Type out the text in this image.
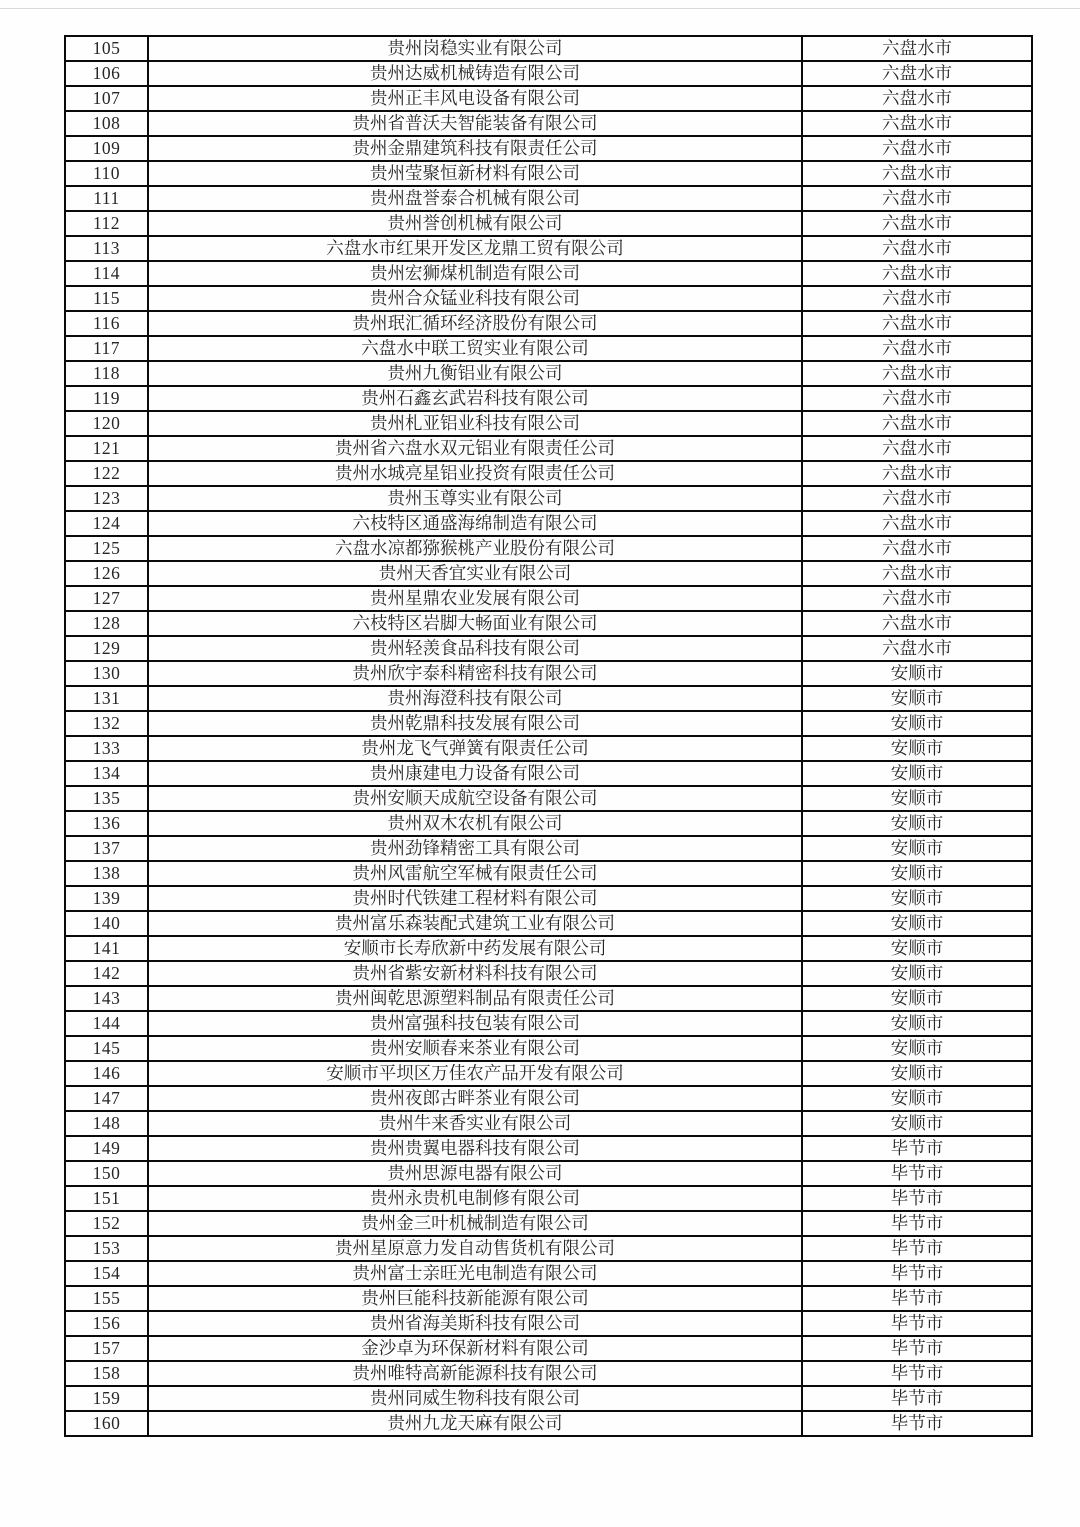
105	贵州岗稳实业有限公司	六盘水市
106	贵州达威机械铸造有限公司	六盘水市
107	贵州正丰风电设备有限公司	六盘水市
108	贵州省普沃夫智能装备有限公司	六盘水市
109	贵州金鼎建筑科技有限责任公司	六盘水市
110	贵州莹聚恒新材料有限公司	六盘水市
111	贵州盘誉泰合机械有限公司	六盘水市
112	贵州誉创机械有限公司	六盘水市
113	六盘水市红果开发区龙鼎工贸有限公司	六盘水市
114	贵州宏狮煤机制造有限公司	六盘水市
115	贵州合众锰业科技有限公司	六盘水市
116	贵州珉汇循环经济股份有限公司	六盘水市
117	六盘水中联工贸实业有限公司	六盘水市
118	贵州九衡铝业有限公司	六盘水市
119	贵州石鑫玄武岩科技有限公司	六盘水市
120	贵州札亚铝业科技有限公司	六盘水市
121	贵州省六盘水双元铝业有限责任公司	六盘水市
122	贵州水城亮星铝业投资有限责任公司	六盘水市
123	贵州玉尊实业有限公司	六盘水市
124	六枝特区通盛海绵制造有限公司	六盘水市
125	六盘水凉都猕猴桃产业股份有限公司	六盘水市
126	贵州天香宜实业有限公司	六盘水市
127	贵州星鼎农业发展有限公司	六盘水市
128	六枝特区岩脚大畅面业有限公司	六盘水市
129	贵州轻羡食品科技有限公司	六盘水市
130	贵州欣宇泰科精密科技有限公司	安顺市
131	贵州海澄科技有限公司	安顺市
132	贵州乾鼎科技发展有限公司	安顺市
133	贵州龙飞气弹簧有限责任公司	安顺市
134	贵州康建电力设备有限公司	安顺市
135	贵州安顺天成航空设备有限公司	安顺市
136	贵州双木农机有限公司	安顺市
137	贵州劲锋精密工具有限公司	安顺市
138	贵州风雷航空军械有限责任公司	安顺市
139	贵州时代铁建工程材料有限公司	安顺市
140	贵州富乐森装配式建筑工业有限公司	安顺市
141	安顺市长寿欣新中药发展有限公司	安顺市
142	贵州省紫安新材料科技有限公司	安顺市
143	贵州闽乾思源塑料制品有限责任公司	安顺市
144	贵州富强科技包装有限公司	安顺市
145	贵州安顺春来茶业有限公司	安顺市
146	安顺市平坝区万佳农产品开发有限公司	安顺市
147	贵州夜郎古畔茶业有限公司	安顺市
148	贵州牛来香实业有限公司	安顺市
149	贵州贵翼电器科技有限公司	毕节市
150	贵州思源电器有限公司	毕节市
151	贵州永贵机电制修有限公司	毕节市
152	贵州金三叶机械制造有限公司	毕节市
153	贵州星原意力发自动售货机有限公司	毕节市
154	贵州富士亲旺光电制造有限公司	毕节市
155	贵州巨能科技新能源有限公司	毕节市
156	贵州省海美斯科技有限公司	毕节市
157	金沙卓为环保新材料有限公司	毕节市
158	贵州唯特高新能源科技有限公司	毕节市
159	贵州同威生物科技有限公司	毕节市
160	贵州九龙天麻有限公司	毕节市
